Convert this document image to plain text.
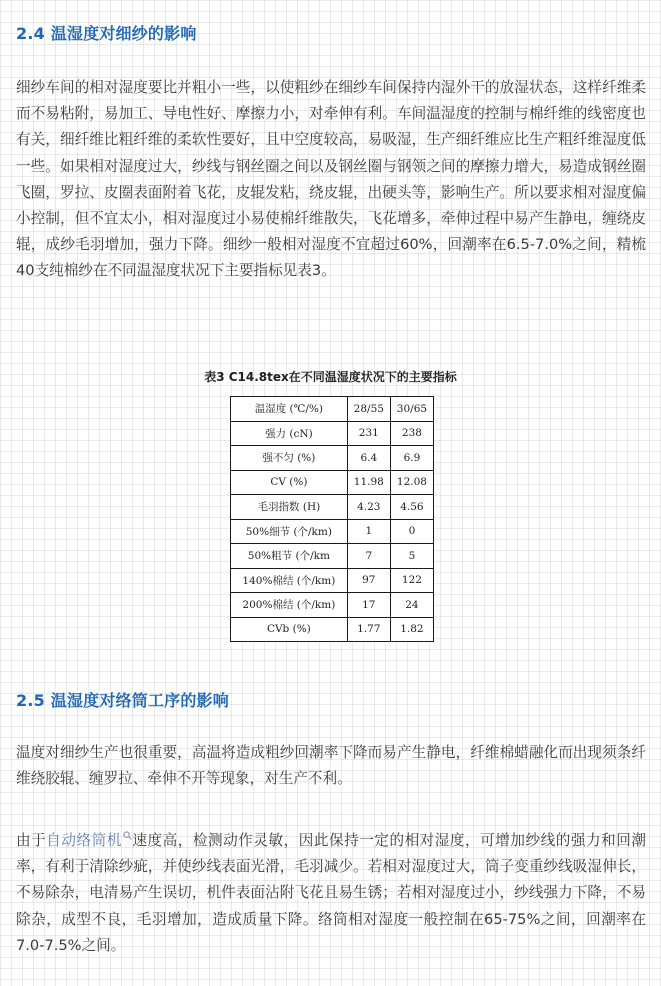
2.4 温湿度对细纱的影响

细纱车间的相对湿度要比并粗小一些，以使粗纱在细纱车间保持内湿外干的放湿状态，这样纤维柔而不易粘附，易加工、导电性好、摩擦力小，对牵伸有利。车间温湿度的控制与棉纤维的线密度也有关，细纤维比粗纤维的柔软性要好，且中空度较高，易吸湿，生产细纤维应比生产粗纤维湿度低一些。如果相对湿度过大，纱线与钢丝圈之间以及钢丝圈与钢领之间的摩擦力增大，易造成钢丝圈飞圈，罗拉、皮圈表面附着飞花，皮辊发粘，绕皮辊，出硬头等，影响生产。所以要求相对湿度偏小控制，但不宜太小，相对湿度过小易使棉纤维散失，飞花增多，牵伸过程中易产生静电，缠绕皮辊，成纱毛羽增加，强力下降。细纱一般相对湿度不宜超过60%，回潮率在6.5-7.0%之间，精梳40支纯棉纱在不同温湿度状况下主要指标见表3。

表3 C14.8tex在不同温湿度状况下的主要指标

温湿度 (℃/%)	28/55	30/65
强力 (cN)	231	238
强不匀 (%)	6.4	6.9
CV (%)	11.98	12.08
毛羽指数 (H)	4.23	4.56
50%细节 (个/km)	1	0
50%粗节 (个/km	7	5
140%棉结 (个/km)	97	122
200%棉结 (个/km)	17	24
CVb (%)	1.77	1.82
2.5 温湿度对络筒工序的影响

温度对细纱生产也很重要，高温将造成粗纱回潮率下降而易产生静电，纤维棉蜡融化而出现须条纤维绕胶辊、缠罗拉、牵伸不开等现象，对生产不利。

由于自动络筒机 速度高，检测动作灵敏，因此保持一定的相对湿度，可增加纱线的强力和回潮率，有利于清除纱疵，并使纱线表面光滑，毛羽减少。若相对湿度过大，筒子变重纱线吸湿伸长，不易除杂，电清易产生误切，机件表面沾附飞花且易生锈；若相对湿度过小，纱线强力下降，不易除杂，成型不良，毛羽增加，造成质量下降。络筒相对湿度一般控制在65-75%之间，回潮率在7.0-7.5%之间。
